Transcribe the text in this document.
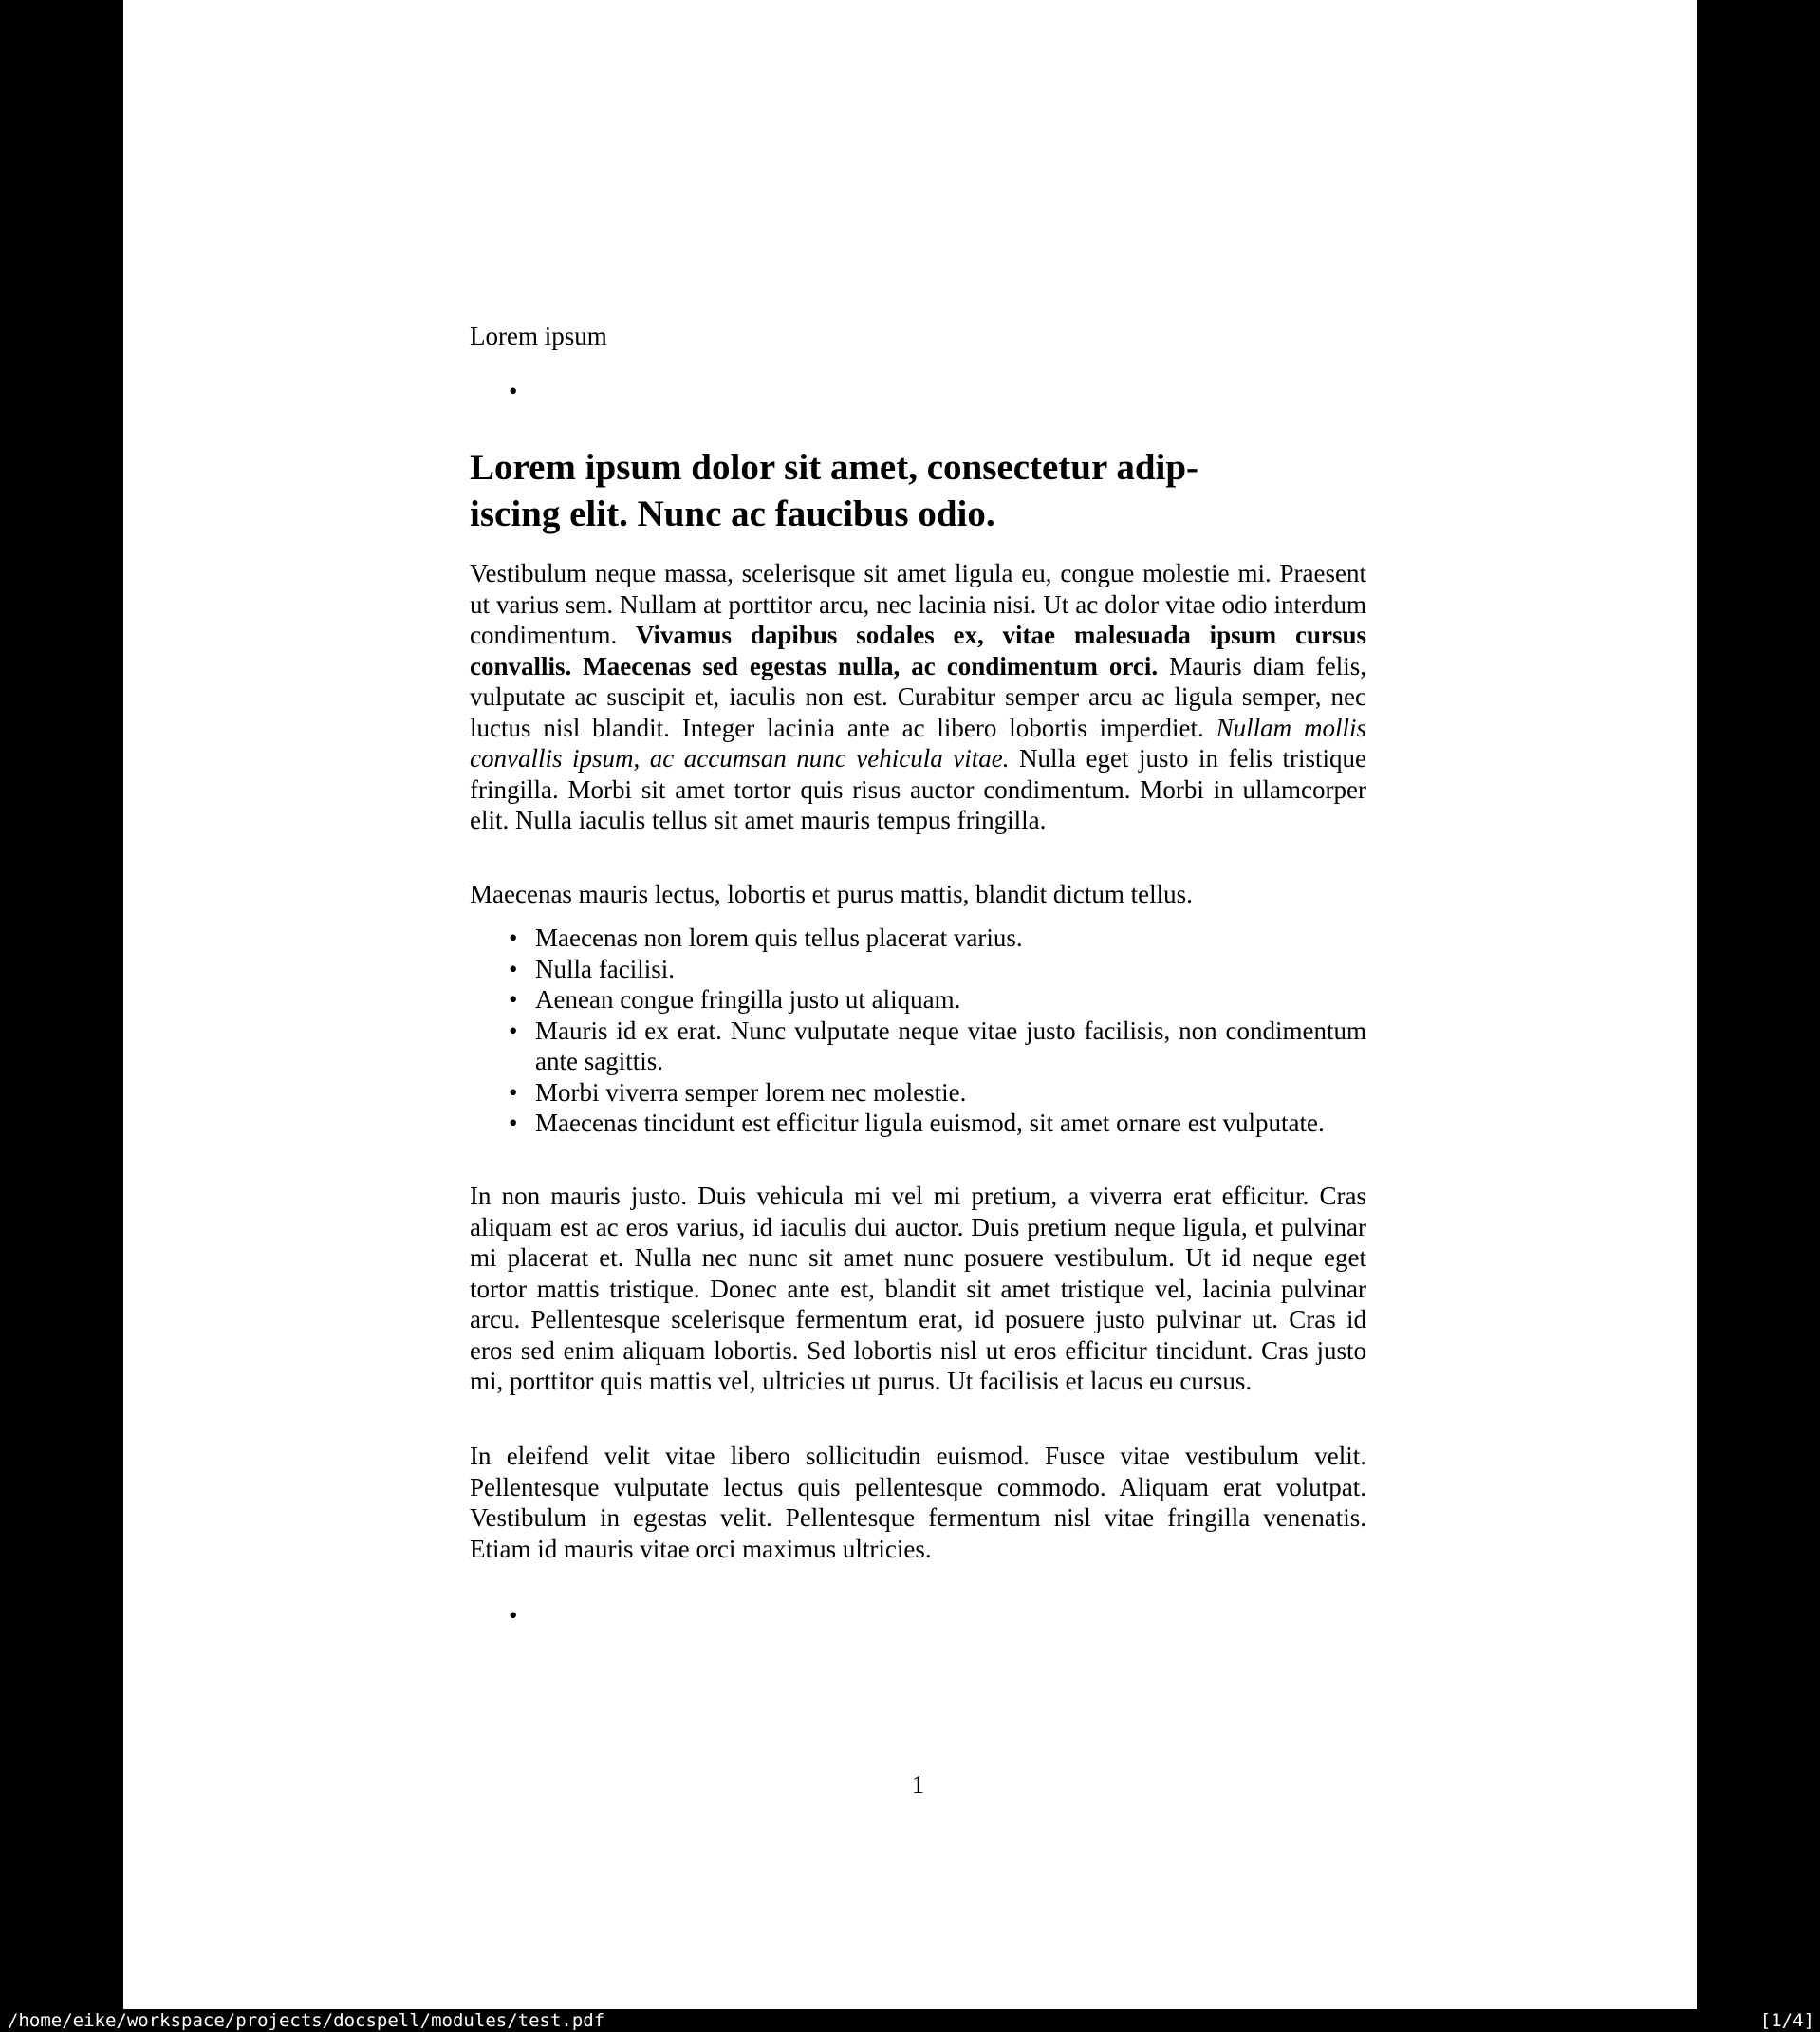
Lorem ipsum

•
Lorem ipsum dolor sit amet, consectetur adip-
iscing elit. Nunc ac faucibus odio.

Vestibulum neque massa, scelerisque sit amet ligula eu, congue molestie mi. Praesent ut varius sem. Nullam at porttitor arcu, nec lacinia nisi. Ut ac dolor vitae odio interdum condimentum. Vivamus dapibus sodales ex, vitae malesuada ipsum cursus convallis. Maecenas sed egestas nulla, ac condimentum orci. Mauris diam felis, vulputate ac suscipit et, iaculis non est. Curabitur semper arcu ac ligula semper, nec luctus nisl blandit. Integer lacinia ante ac libero lobortis imperdiet. Nullam mollis convallis ipsum, ac accumsan nunc vehicula vitae. Nulla eget justo in felis tristique fringilla. Morbi sit amet tortor quis risus auctor condimentum. Morbi in ullamcorper elit. Nulla iaculis tellus sit amet mauris tempus fringilla.

Maecenas mauris lectus, lobortis et purus mattis, blandit dictum tellus.

• Maecenas non lorem quis tellus placerat varius.
• Nulla facilisi.
• Aenean congue fringilla justo ut aliquam.
• Mauris id ex erat. Nunc vulputate neque vitae justo facilisis, non condimentum ante sagittis.
• Morbi viverra semper lorem nec molestie.
• Maecenas tincidunt est efficitur ligula euismod, sit amet ornare est vulputate.

In non mauris justo. Duis vehicula mi vel mi pretium, a viverra erat efficitur. Cras aliquam est ac eros varius, id iaculis dui auctor. Duis pretium neque ligula, et pulvinar mi placerat et. Nulla nec nunc sit amet nunc posuere vestibulum. Ut id neque eget tortor mattis tristique. Donec ante est, blandit sit amet tristique vel, lacinia pulvinar arcu. Pellentesque scelerisque fermentum erat, id posuere justo pulvinar ut. Cras id eros sed enim aliquam lobortis. Sed lobortis nisl ut eros efficitur tincidunt. Cras justo mi, porttitor quis mattis vel, ultricies ut purus. Ut facilisis et lacus eu cursus.

In eleifend velit vitae libero sollicitudin euismod. Fusce vitae vestibulum velit. Pellentesque vulputate lectus quis pellentesque commodo. Aliquam erat volutpat. Vestibulum in egestas velit. Pellentesque fermentum nisl vitae fringilla venenatis. Etiam id mauris vitae orci maximus ultricies.

•
1
/home/eike/workspace/projects/docspell/modules/test.pdf	[1/4]
